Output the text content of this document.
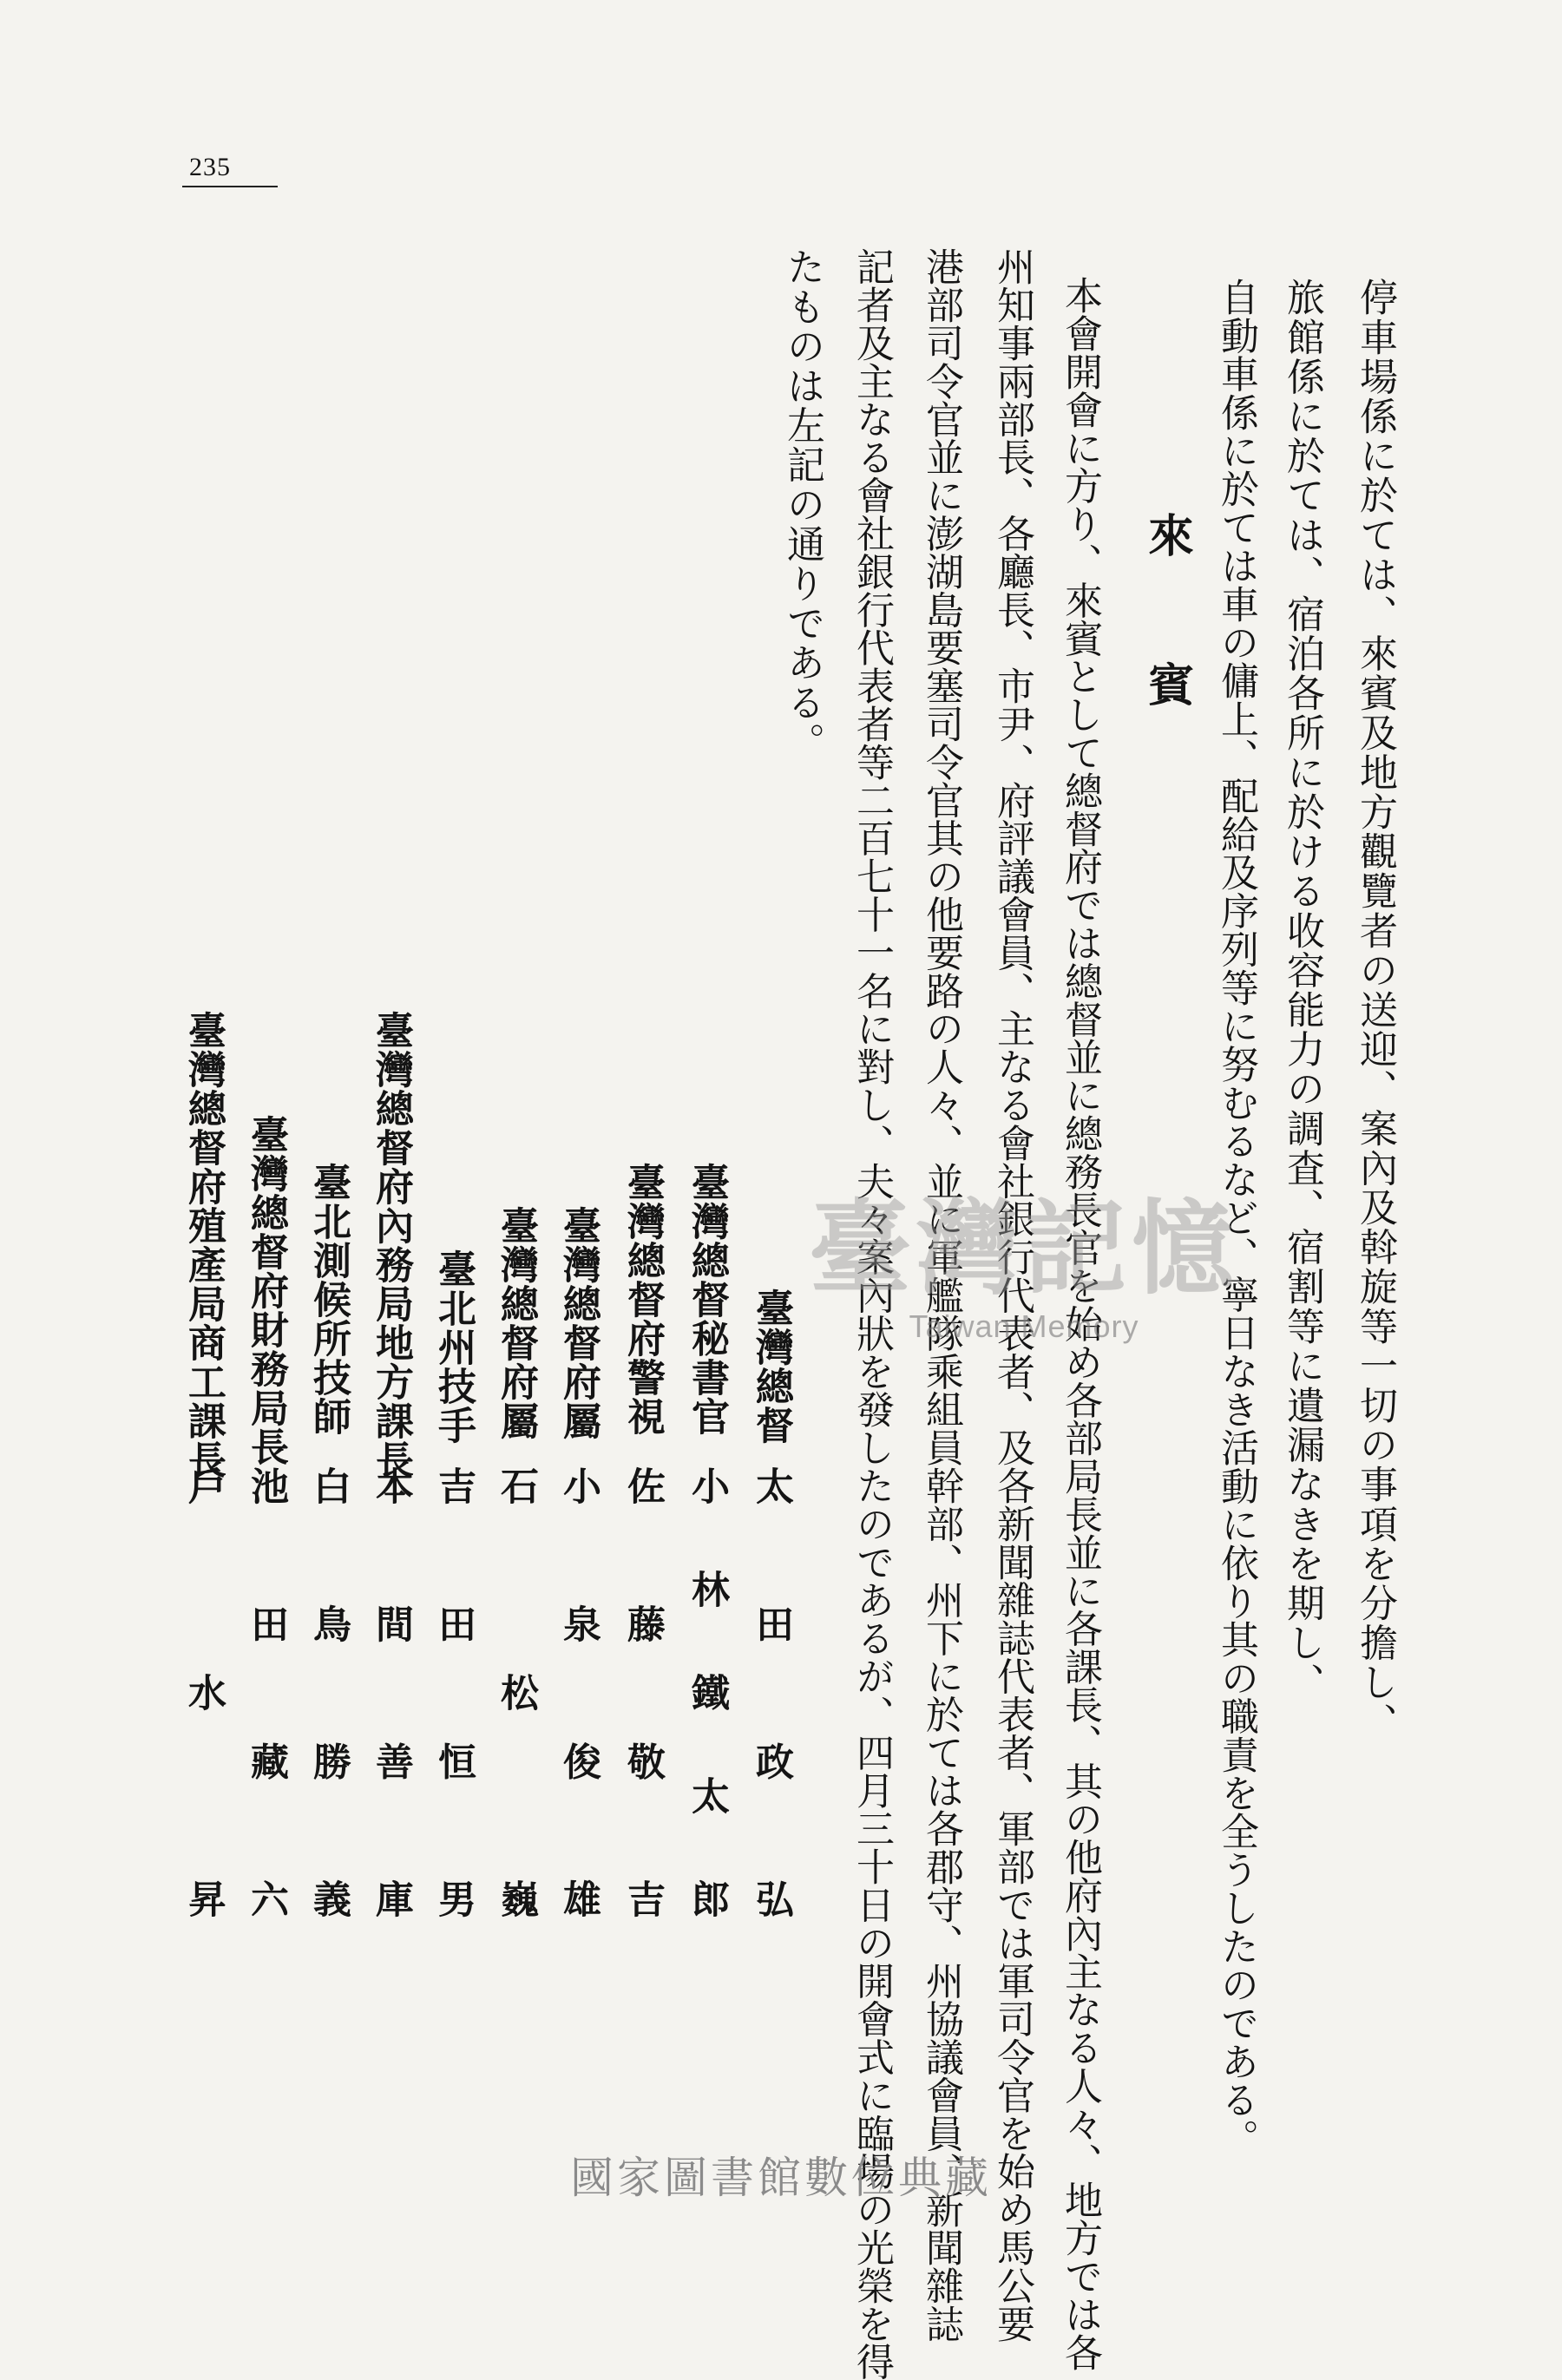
235
停車場係に於ては、來賓及地方觀覽者の送迎、案內及斡旋等一切の事項を分擔し、
旅館係に於ては、宿泊各所に於ける收容能力の調査、宿割等に遺漏なきを期し、
自動車係に於ては車の傭上、配給及序列等に努むるなど、寧日なき活動に依り其の職責を全うしたのである。
來賓
本會開會に方り、來賓として總督府では總督並に總務長官を始め各部局長並に各課長、其の他府內主なる人々、地方では各
州知事兩部長、各廳長、市尹、府評議會員、主なる會社銀行代表者、及各新聞雜誌代表者、軍部では軍司令官を始め馬公要
港部司令官並に澎湖島要塞司令官其の他要路の人々、並に軍艦隊乘組員幹部、州下に於ては各郡守、州協議會員、新聞雜誌
記者及主なる會社銀行代表者等二百七十一名に對し、夫々案內狀を發したのであるが、四月三十日の開會式に臨場の光榮を得
たものは左記の通りである。
臺灣總督
臺灣總督秘書官
臺灣總督府警視
臺灣總督府屬
臺灣總督府屬
臺北州技手
臺灣總督府內務局地方課長
臺北測候所技師
臺灣總督府財務局長
臺灣總督府殖產局商工課長
太田政弘
小林鐵太郎
佐藤敬吉
小泉俊雄
石松巍
吉田恒男
本間善庫
白鳥勝義
池田藏六
戶水昇
臺灣記憶
Taiwan Memory
國家圖書館數位典藏
